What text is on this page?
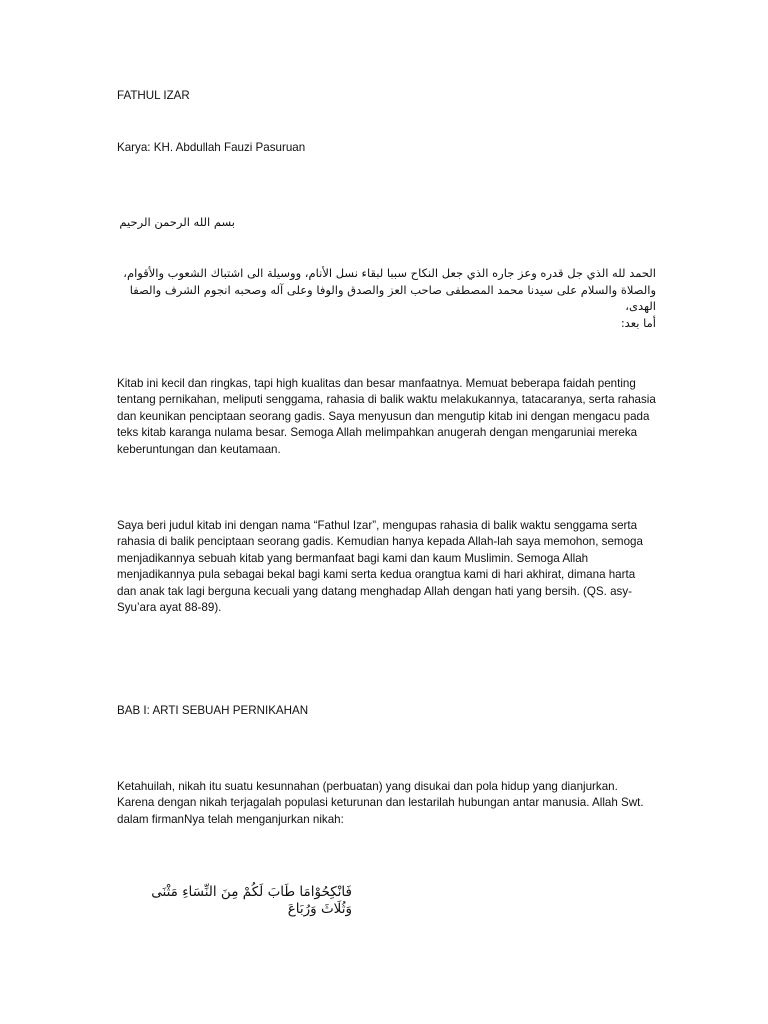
FATHUL IZAR

Karya: KH. Abdullah Fauzi Pasuruan

بسم الله الرحمن الرحيم

الحمد لله الذي جل قدره وعز جاره الذي جعل النكاح سببا لبقاء نسل الأنام، ووسيلة الى اشتباك الشعوب والأقوام،

والصلاة والسلام على سيدنا محمد المصطفى صاحب العز والصدق والوفا وعلى آله وصحبه انجوم الشرف والصفا الهدى،

أما بعد:

Kitab ini kecil dan ringkas, tapi high kualitas dan besar manfaatnya. Memuat beberapa faidah penting tentang pernikahan, meliputi senggama, rahasia di balik waktu melakukannya, tatacaranya, serta rahasia dan keunikan penciptaan seorang gadis. Saya menyusun dan mengutip kitab ini dengan mengacu pada teks kitab karanga nulama besar. Semoga Allah melimpahkan anugerah dengan mengaruniai mereka keberuntungan dan keutamaan.

Saya beri judul kitab ini dengan nama “Fathul Izar”, mengupas rahasia di balik waktu senggama serta rahasia di balik penciptaan seorang gadis. Kemudian hanya kepada Allah-lah saya memohon, semoga menjadikannya sebuah kitab yang bermanfaat bagi kami dan kaum Muslimin. Semoga Allah menjadikannya pula sebagai bekal bagi kami serta kedua orangtua kami di hari akhirat, dimana harta dan anak tak lagi berguna kecuali yang datang menghadap Allah dengan hati yang bersih. (QS. asy-Syu’ara ayat 88-89).

BAB I: ARTI SEBUAH PERNIKAHAN

Ketahuilah, nikah itu suatu kesunnahan (perbuatan) yang disukai dan pola hidup yang dianjurkan. Karena dengan nikah terjagalah populasi keturunan dan lestarilah hubungan antar manusia. Allah Swt. dalam firmanNya telah menganjurkan nikah:

فَانْكِحُوْامَا طَابَ لَكُمْ مِنَ النِّسَاءِ مَثْنَى وَثُلَاثَ وَرُبَاعَ
